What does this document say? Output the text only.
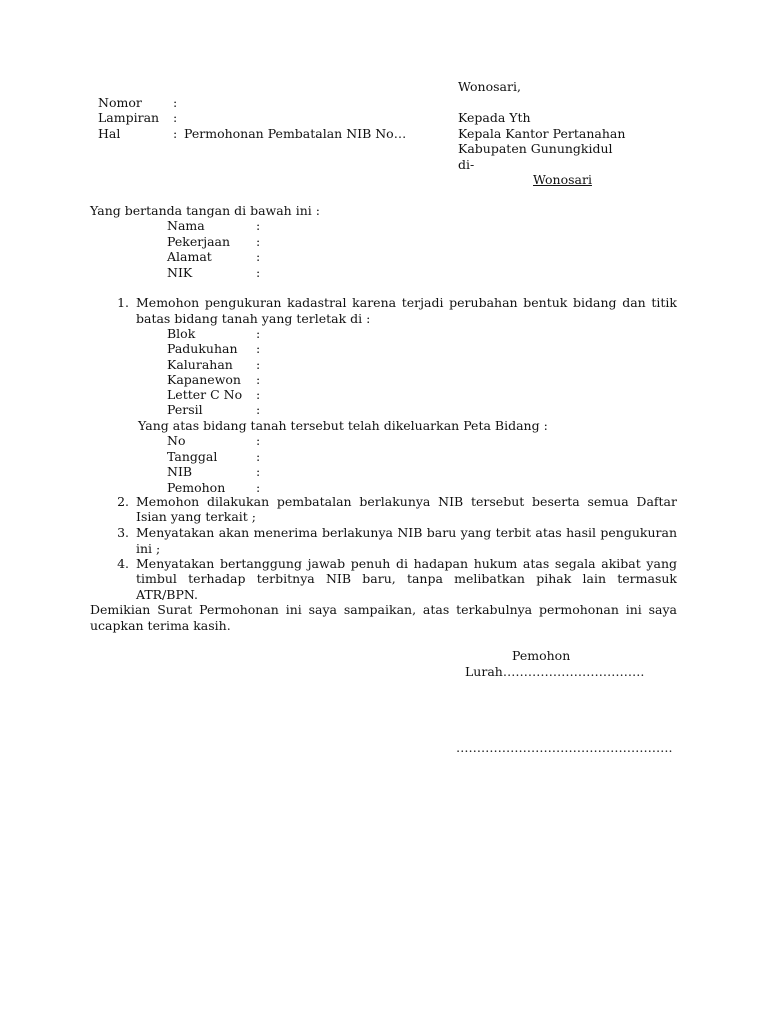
Wonosari,
Nomor :
Lampiran :
Hal	: Permohonan Pembatalan NIB No…
Kepada Yth
Kepala Kantor Pertanahan
Kabupaten Gunungkidul
di-
Wonosari
Yang bertanda tangan di bawah ini :
Nama	:
Pekerjaan :
Alamat	:
NIK	:
1. Memohon pengukuran kadastral karena terjadi perubahan bentuk bidang dan titik
batas bidang tanah yang terletak di :
Blok	:
Padukuhan :
Kalurahan :
Kapanewon :
Letter C No :
Persil	:
Yang atas bidang tanah tersebut telah dikeluarkan Peta Bidang :
No	:
Tanggal	:
NIB	:
Pemohon :
2. Memohon dilakukan pembatalan berlakunya NIB tersebut beserta semua Daftar
Isian yang terkait ;
3. Menyatakan akan menerima berlakunya NIB baru yang terbit atas hasil pengukuran
ini ;
4. Menyatakan bertanggung jawab penuh di hadapan hukum atas segala akibat yang
timbul terhadap terbitnya NIB baru, tanpa melibatkan pihak lain termasuk
ATR/BPN.
Demikian Surat Permohonan ini saya sampaikan, atas terkabulnya permohonan ini saya
ucapkan terima kasih.
Pemohon
Lurah…………………………….
…………………………………………….
